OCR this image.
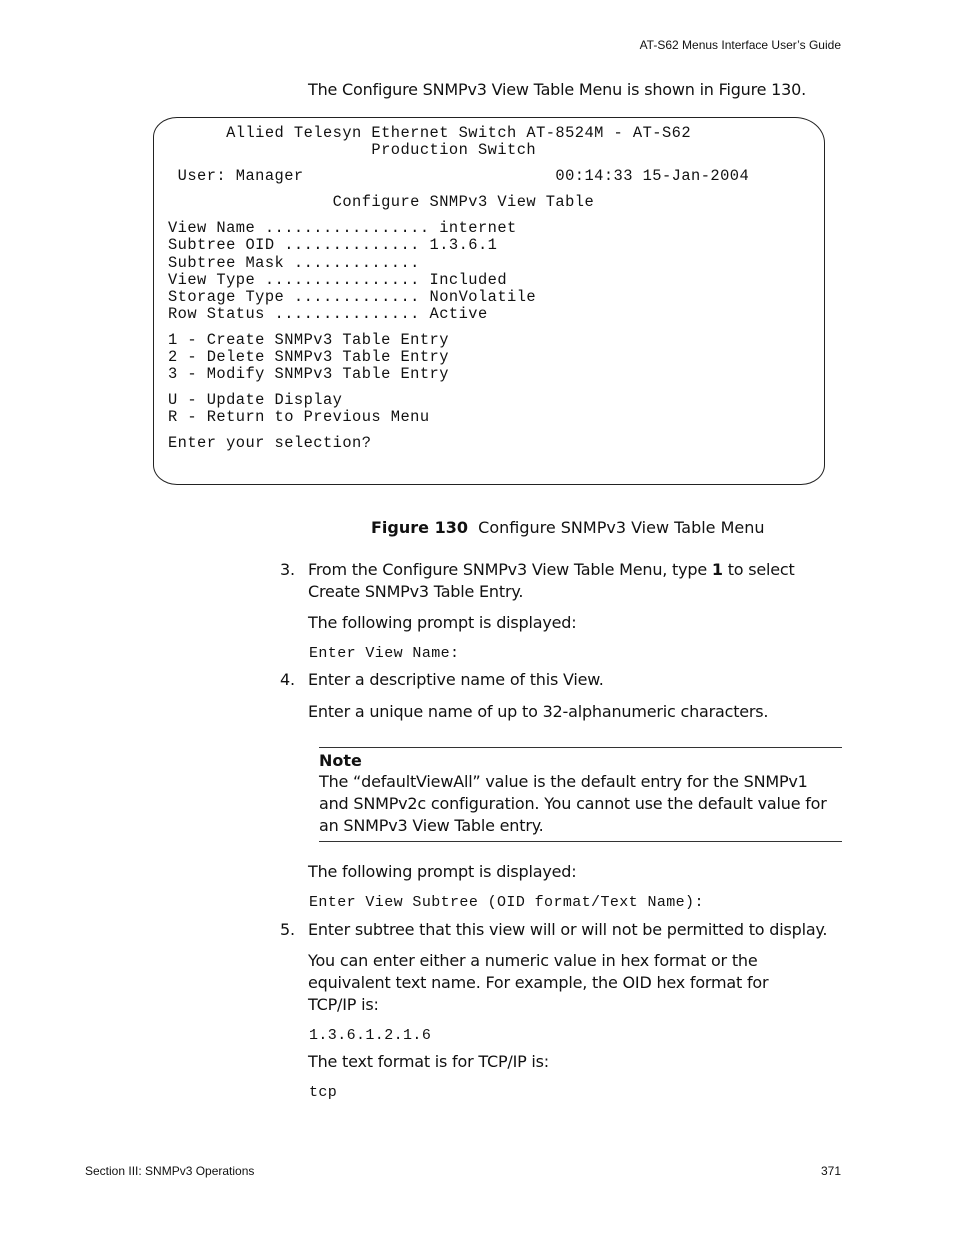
AT-S62 Menus Interface User’s Guide
The Configure SNMPv3 View Table Menu is shown in Figure 130.
Allied Telesyn Ethernet Switch AT-8524M - AT-S62
Production Switch

User: Manager                          00:14:33 15-Jan-2004

Configure SNMPv3 View Table

View Name ................. internet
Subtree OID .............. 1.3.6.1
Subtree Mask .............
View Type ................ Included
Storage Type ............. NonVolatile
Row Status ............... Active

1 - Create SNMPv3 Table Entry
2 - Delete SNMPv3 Table Entry
3 - Modify SNMPv3 Table Entry

U - Update Display
R - Return to Previous Menu

Enter your selection?
Figure 130 Configure SNMPv3 View Table Menu
3. From the Configure SNMPv3 View Table Menu, type 1 to select Create SNMPv3 Table Entry.
The following prompt is displayed:
Enter View Name:
4. Enter a descriptive name of this View.
Enter a unique name of up to 32-alphanumeric characters.
Note
The “defaultViewAll” value is the default entry for the SNMPv1 and SNMPv2c configuration. You cannot use the default value for an SNMPv3 View Table entry.
The following prompt is displayed:
Enter View Subtree (OID format/Text Name):
5. Enter subtree that this view will or will not be permitted to display.
You can enter either a numeric value in hex format or the equivalent text name. For example, the OID hex format for TCP/IP is:
1.3.6.1.2.1.6
The text format is for TCP/IP is:
tcp
Section III: SNMPv3 Operations	371
